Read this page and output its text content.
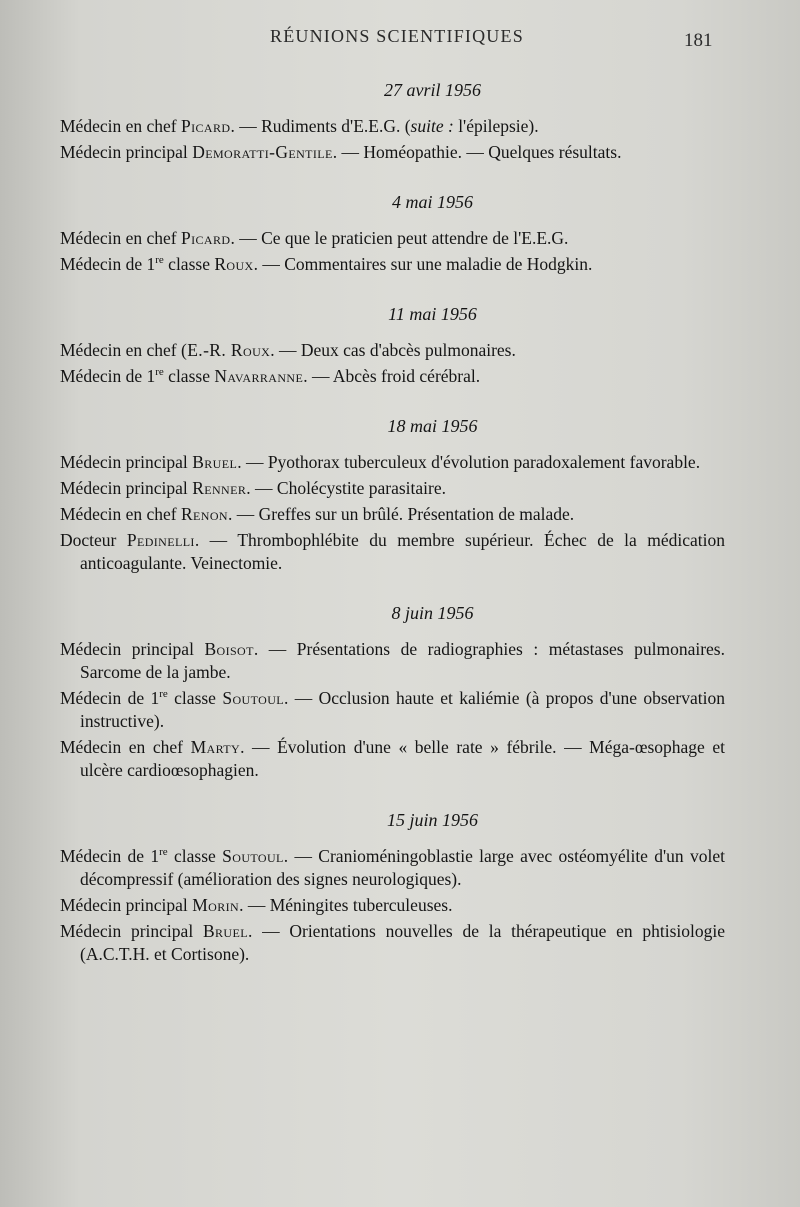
RÉUNIONS SCIENTIFIQUES	181

27 avril 1956

Médecin en chef Picard. — Rudiments d'E.E.G. (suite : l'épilepsie).

Médecin principal Demoratti-Gentile. — Homéopathie. — Quelques résultats.

4 mai 1956

Médecin en chef Picard. — Ce que le praticien peut attendre de l'E.E.G.

Médecin de 1re classe Roux. — Commentaires sur une maladie de Hodgkin.

11 mai 1956

Médecin en chef (E.-R. Roux. — Deux cas d'abcès pulmonaires.

Médecin de 1re classe Navarranne. — Abcès froid cérébral.

18 mai 1956

Médecin principal Bruel. — Pyothorax tuberculeux d'évolution paradoxalement favorable.

Médecin principal Renner. — Cholécystite parasitaire.

Médecin en chef Renon. — Greffes sur un brûlé. Présentation de malade.

Docteur Pedinelli. — Thrombophlébite du membre supérieur. Échec de la médication anticoagulante. Veinectomie.

8 juin 1956

Médecin principal Boisot. — Présentations de radiographies : métastases pulmonaires. Sarcome de la jambe.

Médecin de 1re classe Soutoul. — Occlusion haute et kaliémie (à propos d'une observation instructive).

Médecin en chef Marty. — Évolution d'une « belle rate » fébrile. — Méga-œsophage et ulcère cardioœsophagien.

15 juin 1956

Médecin de 1re classe Soutoul. — Cranioméningoblastie large avec ostéomyélite d'un volet décompressif (amélioration des signes neurologiques).

Médecin principal Morin. — Méningites tuberculeuses.

Médecin principal Bruel. — Orientations nouvelles de la thérapeutique en phtisiologie (A.C.T.H. et Cortisone).
